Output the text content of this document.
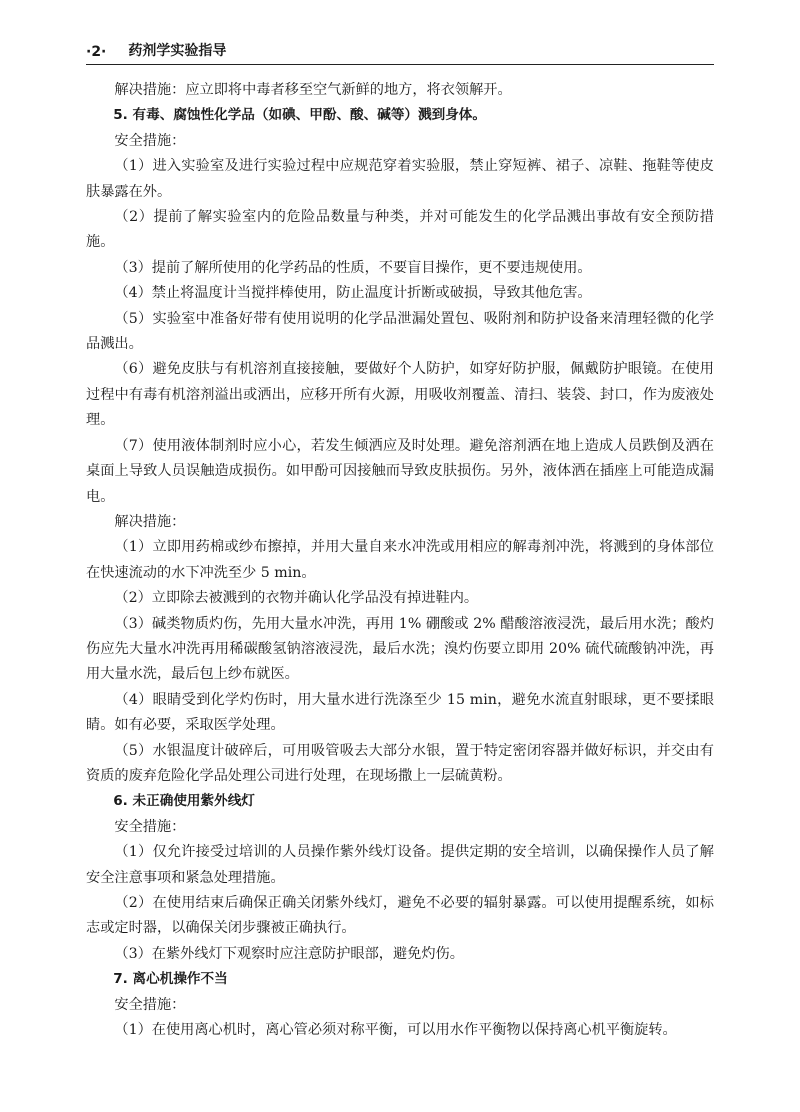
·2· 药剂学实验指导

解决措施：应立即将中毒者移至空气新鲜的地方，将衣领解开。

5. 有毒、腐蚀性化学品（如碘、甲酚、酸、碱等）溅到身体。

安全措施：

（1）进入实验室及进行实验过程中应规范穿着实验服，禁止穿短裤、裙子、凉鞋、拖鞋等使皮肤暴露在外。

（2）提前了解实验室内的危险品数量与种类，并对可能发生的化学品溅出事故有安全预防措施。

（3）提前了解所使用的化学药品的性质，不要盲目操作，更不要违规使用。

（4）禁止将温度计当搅拌棒使用，防止温度计折断或破损，导致其他危害。

（5）实验室中准备好带有使用说明的化学品泄漏处置包、吸附剂和防护设备来清理轻微的化学品溅出。

（6）避免皮肤与有机溶剂直接接触，要做好个人防护，如穿好防护服，佩戴防护眼镜。在使用过程中有毒有机溶剂溢出或洒出，应移开所有火源，用吸收剂覆盖、清扫、装袋、封口，作为废液处理。

（7）使用液体制剂时应小心，若发生倾洒应及时处理。避免溶剂洒在地上造成人员跌倒及洒在桌面上导致人员误触造成损伤。如甲酚可因接触而导致皮肤损伤。另外，液体洒在插座上可能造成漏电。

解决措施：

（1）立即用药棉或纱布擦掉，并用大量自来水冲洗或用相应的解毒剂冲洗，将溅到的身体部位在快速流动的水下冲洗至少 5 min。

（2）立即除去被溅到的衣物并确认化学品没有掉进鞋内。

（3）碱类物质灼伤，先用大量水冲洗，再用 1% 硼酸或 2% 醋酸溶液浸洗，最后用水洗；酸灼伤应先大量水冲洗再用稀碳酸氢钠溶液浸洗，最后水洗；溴灼伤要立即用 20% 硫代硫酸钠冲洗，再用大量水洗，最后包上纱布就医。

（4）眼睛受到化学灼伤时，用大量水进行洗涤至少 15 min，避免水流直射眼球，更不要揉眼睛。如有必要，采取医学处理。

（5）水银温度计破碎后，可用吸管吸去大部分水银，置于特定密闭容器并做好标识，并交由有资质的废弃危险化学品处理公司进行处理，在现场撒上一层硫黄粉。

6. 未正确使用紫外线灯

安全措施：

（1）仅允许接受过培训的人员操作紫外线灯设备。提供定期的安全培训，以确保操作人员了解安全注意事项和紧急处理措施。

（2）在使用结束后确保正确关闭紫外线灯，避免不必要的辐射暴露。可以使用提醒系统，如标志或定时器，以确保关闭步骤被正确执行。

（3）在紫外线灯下观察时应注意防护眼部，避免灼伤。

7. 离心机操作不当

安全措施：

（1）在使用离心机时，离心管必须对称平衡，可以用水作平衡物以保持离心机平衡旋转。
